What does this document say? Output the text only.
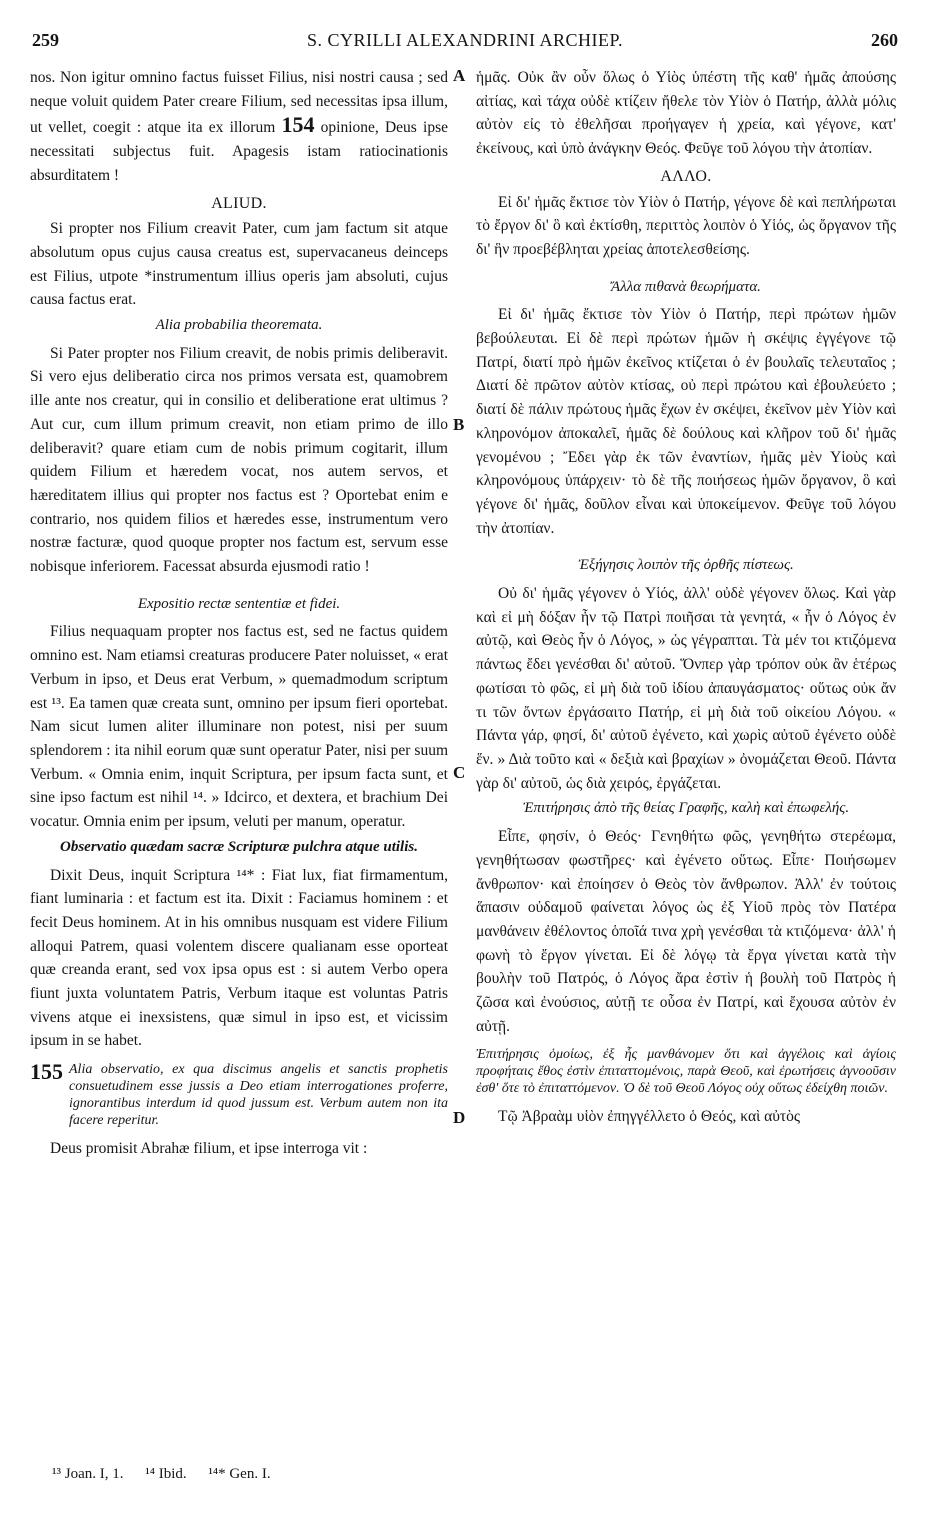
259	S. CYRILLI ALEXANDRINI ARCHIEP.	260
A
B
C
D

nos. Non igitur omnino factus fuisset Filius, nisi nostri causa ; sed neque voluit quidem Pater creare Filium, sed necessitas ipsa illum, ut vellet, coegit : atque ita ex illorum 154 opinione, Deus ipse necessitati subjectus fuit. Apagesis istam ratiocinationis absurditatem !

ALIUD.

Si propter nos Filium creavit Pater, cum jam factum sit atque absolutum opus cujus causa creatus est, supervacaneus deinceps est Filius, utpote *instrumentum illius operis jam absoluti, cujus causa factus erat.

Alia probabilia theoremata.

Si Pater propter nos Filium creavit, de nobis primis deliberavit. Si vero ejus deliberatio circa nos primos versata est, quamobrem ille ante nos creatur, qui in consilio et deliberatione erat ultimus ? Aut cur, cum illum primum creavit, non etiam primo de illo deliberavit? quare etiam cum de nobis primum cogitarit, illum quidem Filium et hæredem vocat, nos autem servos, et hæreditatem illius qui propter nos factus est ? Oportebat enim e contrario, nos quidem filios et hæredes esse, instrumentum vero nostræ facturæ, quod quoque propter nos factum est, servum esse nobisque inferiorem. Facessat absurda ejusmodi ratio !

Expositio rectæ sententiæ et fidei.

Filius nequaquam propter nos factus est, sed ne factus quidem omnino est. Nam etiamsi creaturas producere Pater noluisset, « erat Verbum in ipso, et Deus erat Verbum, » quemadmodum scriptum est ¹³. Ea tamen quæ creata sunt, omnino per ipsum fieri oportebat. Nam sicut lumen aliter illuminare non potest, nisi per suum splendorem : ita nihil eorum quæ sunt operatur Pater, nisi per suum Verbum. « Omnia enim, inquit Scriptura, per ipsum facta sunt, et sine ipso factum est nihil ¹⁴. » Idcirco, et dextera, et brachium Dei vocatur. Omnia enim per ipsum, veluti per manum, operatur.

Observatio quædam sacræ Scripturæ pulchra atque utilis.

Dixit Deus, inquit Scriptura ¹⁴* : Fiat lux, fiat firmamentum, fiant luminaria : et factum est ita. Dixit : Faciamus hominem : et fecit Deus hominem. At in his omnibus nusquam est videre Filium alloqui Patrem, quasi volentem discere qualianam esse oporteat quæ creanda erant, sed vox ipsa opus est : si autem Verbo opera fiunt juxta voluntatem Patris, Verbum itaque est voluntas Patris vivens atque ei inexsistens, quæ simul in ipso est, et vicissim ipsum in se habet.

155 Alia observatio, ex qua discimus angelis et sanctis prophetis consuetudinem esse jussis a Deo etiam interrogationes proferre, ignorantibus interdum id quod jussum est. Verbum autem non ita facere reperitur.

Deus promisit Abrahæ filium, et ipse interroga vit :

ἡμᾶς. Οὐκ ἂν οὖν ὅλως ὁ Υἱὸς ὑπέστη τῆς καθ' ἡμᾶς ἀπούσης αἰτίας, καὶ τάχα οὐδὲ κτίζειν ἤθελε τὸν Υἱὸν ὁ Πατήρ, ἀλλὰ μόλις αὐτὸν εἰς τὸ ἐθελῆσαι προήγαγεν ἡ χρεία, καὶ γέγονε, κατ' ἐκείνους, καὶ ὑπὸ ἀνάγκην Θεός. Φεῦγε τοῦ λόγου τὴν ἀτοπίαν.

ΑΛΛΟ.

Εἰ δι' ἡμᾶς ἔκτισε τὸν Υἱὸν ὁ Πατήρ, γέγονε δὲ καὶ πεπλήρωται τὸ ἔργον δι' ὃ καὶ ἐκτίσθη, περιττὸς λοιπὸν ὁ Υἱός, ὡς ὄργανον τῆς δι' ἣν προεβέβληται χρείας ἀποτελεσθείσης.

Ἄλλα πιθανὰ θεωρήματα.

Εἰ δι' ἡμᾶς ἔκτισε τὸν Υἱὸν ὁ Πατήρ, περὶ πρώτων ἡμῶν βεβούλευται. Εἰ δὲ περὶ πρώτων ἡμῶν ἡ σκέψις ἐγγέγονε τῷ Πατρί, διατί πρὸ ἡμῶν ἐκεῖνος κτίζεται ὁ ἐν βουλαῖς τελευταῖος ; Διατί δὲ πρῶτον αὐτὸν κτίσας, οὐ περὶ πρώτου καὶ ἐβουλεύετο ; διατί δὲ πάλιν πρώτους ἡμᾶς ἔχων ἐν σκέψει, ἐκεῖνον μὲν Υἱὸν καὶ κληρονόμον ἀποκαλεῖ, ἡμᾶς δὲ δούλους καὶ κλῆρον τοῦ δι' ἡμᾶς γενομένου ; Ἔδει γὰρ ἐκ τῶν ἐναντίων, ἡμᾶς μὲν Υἱοὺς καὶ κληρονόμους ὑπάρχειν· τὸ δὲ τῆς ποιήσεως ἡμῶν ὄργανον, ὃ καὶ γέγονε δι' ἡμᾶς, δοῦλον εἶναι καὶ ὑποκείμενον. Φεῦγε τοῦ λόγου τὴν ἀτοπίαν.

Ἐξήγησις λοιπὸν τῆς ὀρθῆς πίστεως.

Οὐ δι' ἡμᾶς γέγονεν ὁ Υἱός, ἀλλ' οὐδὲ γέγονεν ὅλως. Καὶ γὰρ καὶ εἰ μὴ δόξαν ἦν τῷ Πατρὶ ποιῆσαι τὰ γενητά, « ἦν ὁ Λόγος ἐν αὐτῷ, καὶ Θεὸς ἦν ὁ Λόγος, » ὡς γέγραπται. Τὰ μέν τοι κτιζόμενα πάντως ἔδει γενέσθαι δι' αὐτοῦ. Ὅνπερ γὰρ τρόπον οὐκ ἂν ἑτέρως φωτίσαι τὸ φῶς, εἰ μὴ διὰ τοῦ ἰδίου ἀπαυγάσματος· οὕτως οὐκ ἄν τι τῶν ὄντων ἐργάσαιτο Πατήρ, εἰ μὴ διὰ τοῦ οἰκείου Λόγου. « Πάντα γάρ, φησί, δι' αὐτοῦ ἐγένετο, καὶ χωρὶς αὐτοῦ ἐγένετο οὐδὲ ἕν. » Διὰ τοῦτο καὶ « δεξιὰ καὶ βραχίων » ὀνομάζεται Θεοῦ. Πάντα γὰρ δι' αὐτοῦ, ὡς διὰ χειρός, ἐργάζεται.

Ἐπιτήρησις ἀπὸ τῆς θείας Γραφῆς, καλὴ καὶ ἐπωφελής.

Εἶπε, φησίν, ὁ Θεός· Γενηθήτω φῶς, γενηθήτω στερέωμα, γενηθήτωσαν φωστῆρες· καὶ ἐγένετο οὕτως. Εἶπε· Ποιήσωμεν ἄνθρωπον· καὶ ἐποίησεν ὁ Θεὸς τὸν ἄνθρωπον. Ἀλλ' ἐν τούτοις ἅπασιν οὐδαμοῦ φαίνεται λόγος ὡς ἐξ Υἱοῦ πρὸς τὸν Πατέρα μανθάνειν ἐθέλοντος ὁποῖά τινα χρὴ γενέσθαι τὰ κτιζόμενα· ἀλλ' ἡ φωνὴ τὸ ἔργον γίνεται. Εἰ δὲ λόγῳ τὰ ἔργα γίνεται κατὰ τὴν βουλὴν τοῦ Πατρός, ὁ Λόγος ἄρα ἐστὶν ἡ βουλὴ τοῦ Πατρὸς ἡ ζῶσα καὶ ἐνούσιος, αὐτῇ τε οὖσα ἐν Πατρί, καὶ ἔχουσα αὐτὸν ἐν αὐτῇ.

Ἐπιτήρησις ὁμοίως, ἐξ ἧς μανθάνομεν ὅτι καὶ ἀγγέλοις καὶ ἁγίοις προφήταις ἔθος ἐστὶν ἐπιταττομένοις, παρὰ Θεοῦ, καὶ ἐρωτήσεις ἀγνοοῦσιν ἐσθ' ὅτε τὸ ἐπιταττόμενον. Ὁ δὲ τοῦ Θεοῦ Λόγος οὐχ οὕτως ἐδείχθη ποιῶν.

Τῷ Ἀβραὰμ υἱὸν ἐπηγγέλλετο ὁ Θεός, καὶ αὐτὸς

¹³ Joan. I, 1. ¹⁴ Ibid. ¹⁴* Gen. I.
